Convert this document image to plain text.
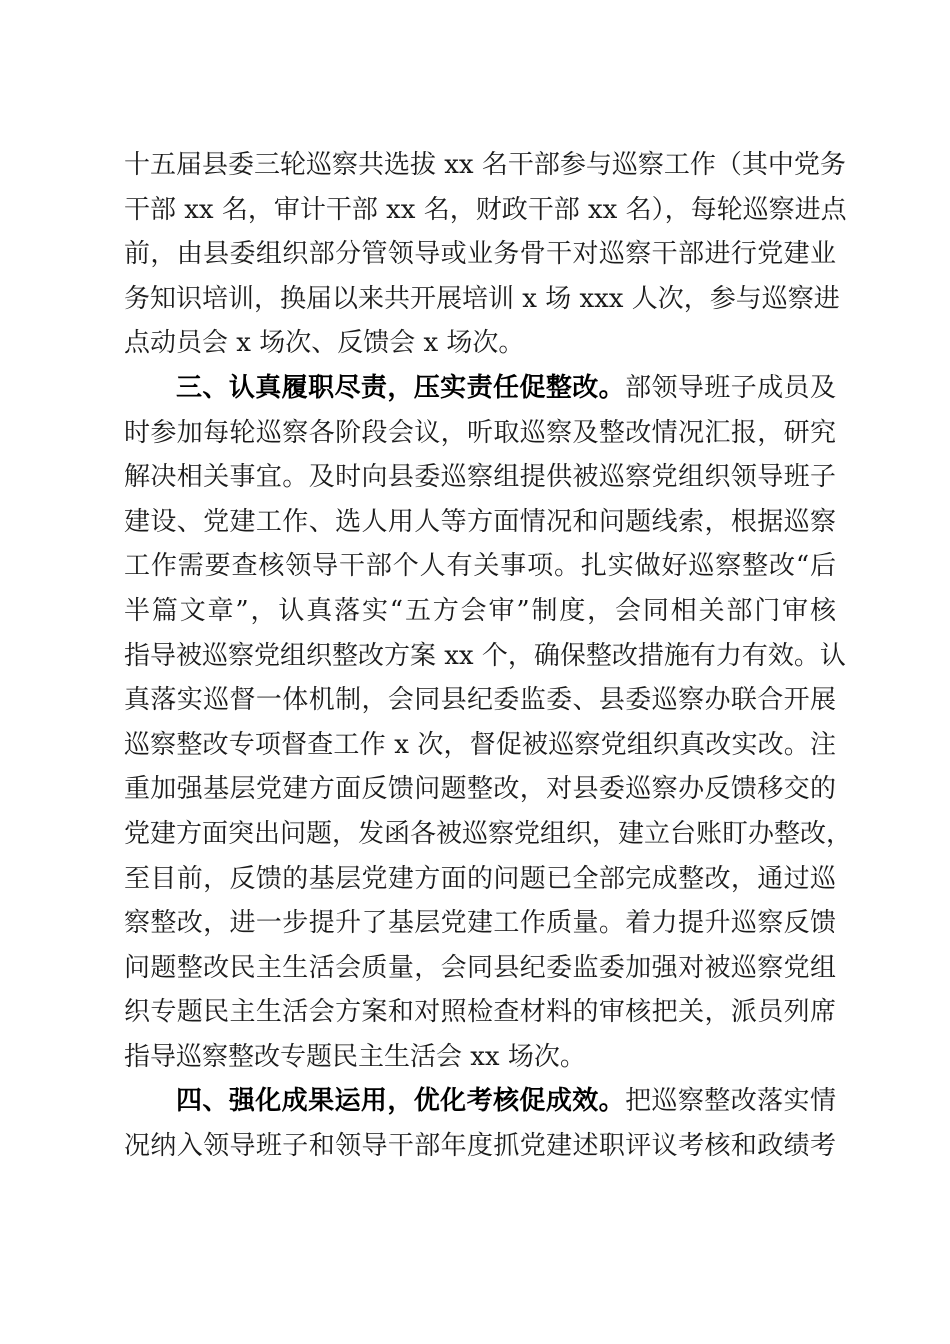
十五届县委三轮巡察共选拔 xx 名干部参与巡察工作（其中党务
干部 xx 名，审计干部 xx 名，财政干部 xx 名），每轮巡察进点
前，由县委组织部分管领导或业务骨干对巡察干部进行党建业
务知识培训，换届以来共开展培训 x 场 xxx 人次，参与巡察进
点动员会 x 场次、反馈会 x 场次。
三、认真履职尽责，压实责任促整改。部领导班子成员及
时参加每轮巡察各阶段会议，听取巡察及整改情况汇报，研究
解决相关事宜。及时向县委巡察组提供被巡察党组织领导班子
建设、党建工作、选人用人等方面情况和问题线索，根据巡察
工作需要查核领导干部个人有关事项。扎实做好巡察整改“后
半篇文章”，认真落实“五方会审”制度，会同相关部门审核
指导被巡察党组织整改方案 xx 个，确保整改措施有力有效。认
真落实巡督一体机制，会同县纪委监委、县委巡察办联合开展
巡察整改专项督查工作 x 次，督促被巡察党组织真改实改。注
重加强基层党建方面反馈问题整改，对县委巡察办反馈移交的
党建方面突出问题，发函各被巡察党组织，建立台账盯办整改，
至目前，反馈的基层党建方面的问题已全部完成整改，通过巡
察整改，进一步提升了基层党建工作质量。着力提升巡察反馈
问题整改民主生活会质量，会同县纪委监委加强对被巡察党组
织专题民主生活会方案和对照检查材料的审核把关，派员列席
指导巡察整改专题民主生活会 xx 场次。
四、强化成果运用，优化考核促成效。把巡察整改落实情
况纳入领导班子和领导干部年度抓党建述职评议考核和政绩考
